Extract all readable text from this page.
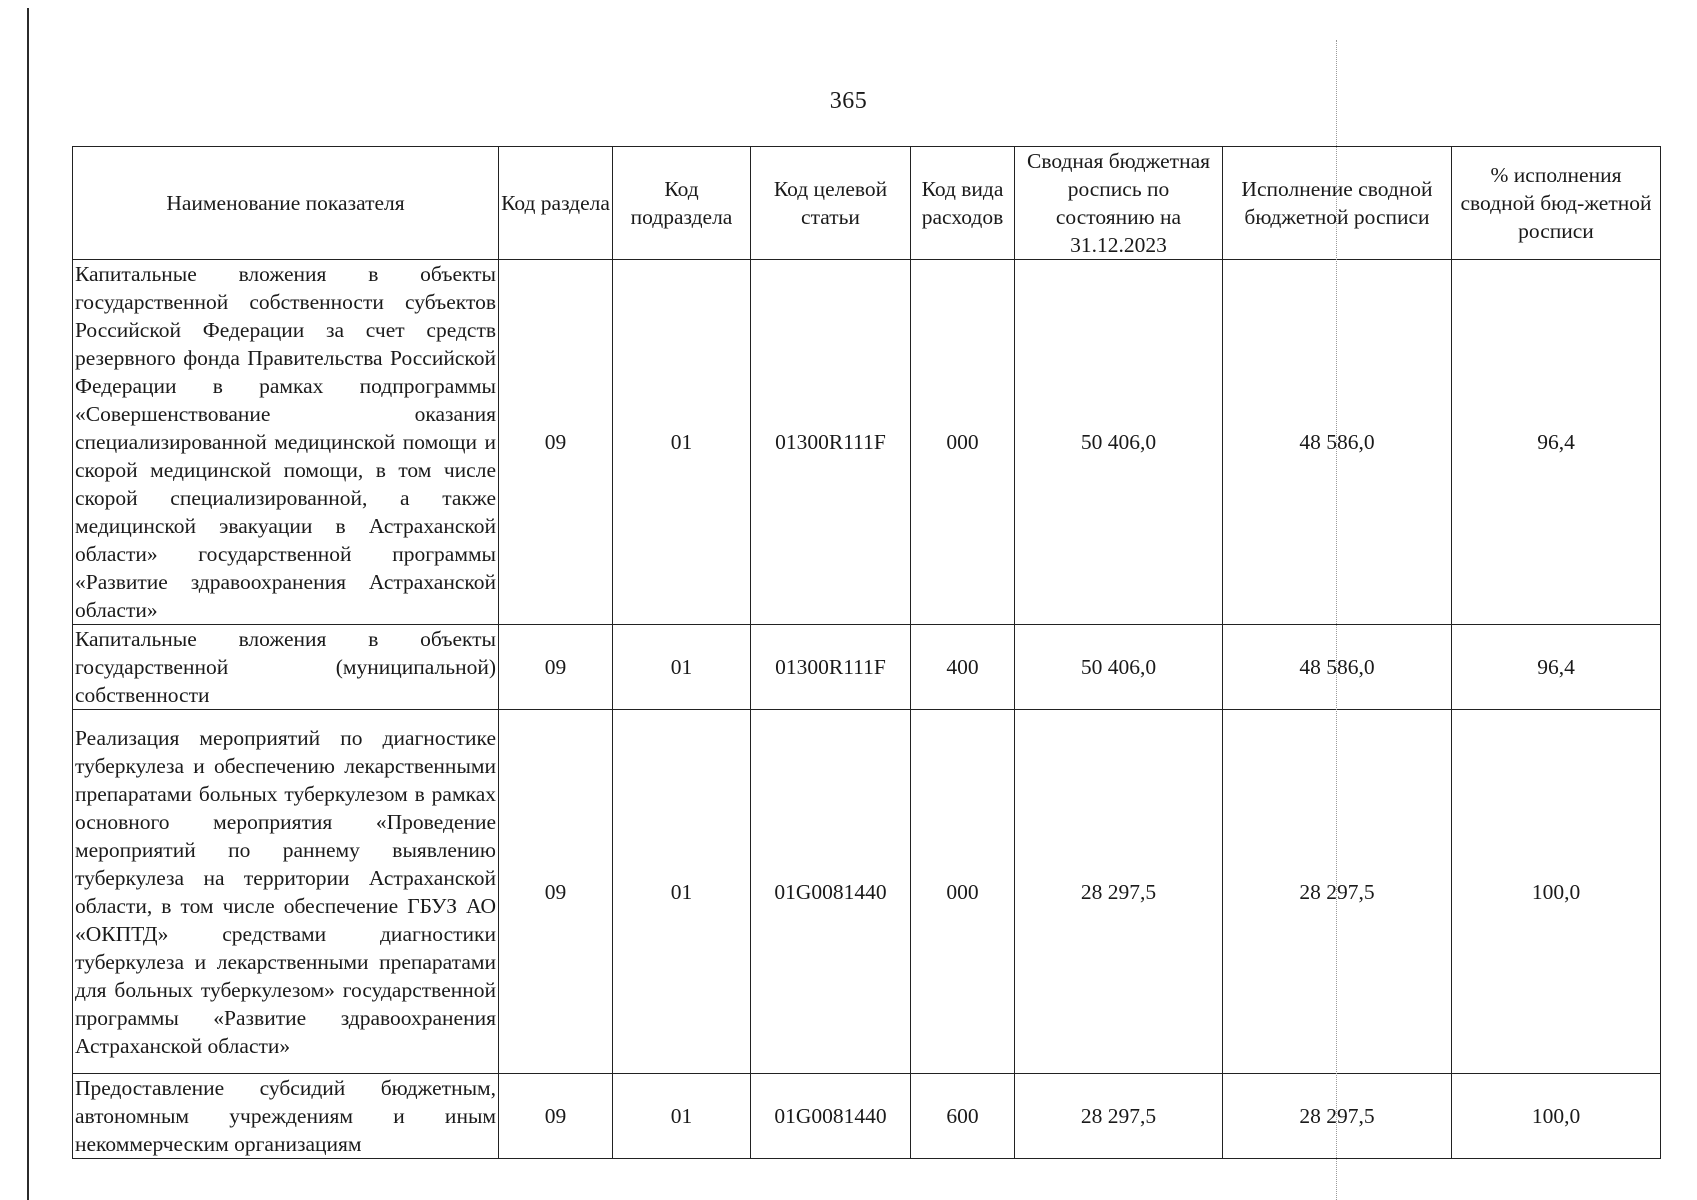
365
Наименование показателя	Код раздела	Код подраздела	Код целевой статьи	Код вида расходов	Сводная бюджетная роспись по состоянию на 31.12.2023	Исполнение сводной бюджетной росписи	% исполнения сводной бюд-жетной росписи
Капитальные вложения в объекты государственной собственности субъектов Российской Федерации за счет средств резервного фонда Правительства Российской Федерации в рамках подпрограммы «Совершенствование оказания специализированной медицинской помощи и скорой медицинской помощи, в том числе скорой специализированной, а также медицинской эвакуации в Астраханской области» государственной программы «Развитие здравоохранения Астраханской области»	09	01	01300R111F	000	50 406,0	48 586,0	96,4
Капитальные вложения в объекты государственной (муниципальной) собственности	09	01	01300R111F	400	50 406,0	48 586,0	96,4
Реализация мероприятий по диагностике туберкулеза и обеспечению лекарственными препаратами больных туберкулезом в рамках основного мероприятия «Проведение мероприятий по раннему выявлению туберкулеза на территории Астраханской области, в том числе обеспечение ГБУЗ АО «ОКПТД» средствами диагностики туберкулеза и лекарственными препаратами для больных туберкулезом» государственной программы «Развитие здравоохранения Астраханской области»	09	01	01G0081440	000	28 297,5	28 297,5	100,0
Предоставление субсидий бюджетным, автономным учреждениям и иным некоммерческим организациям	09	01	01G0081440	600	28 297,5	28 297,5	100,0
